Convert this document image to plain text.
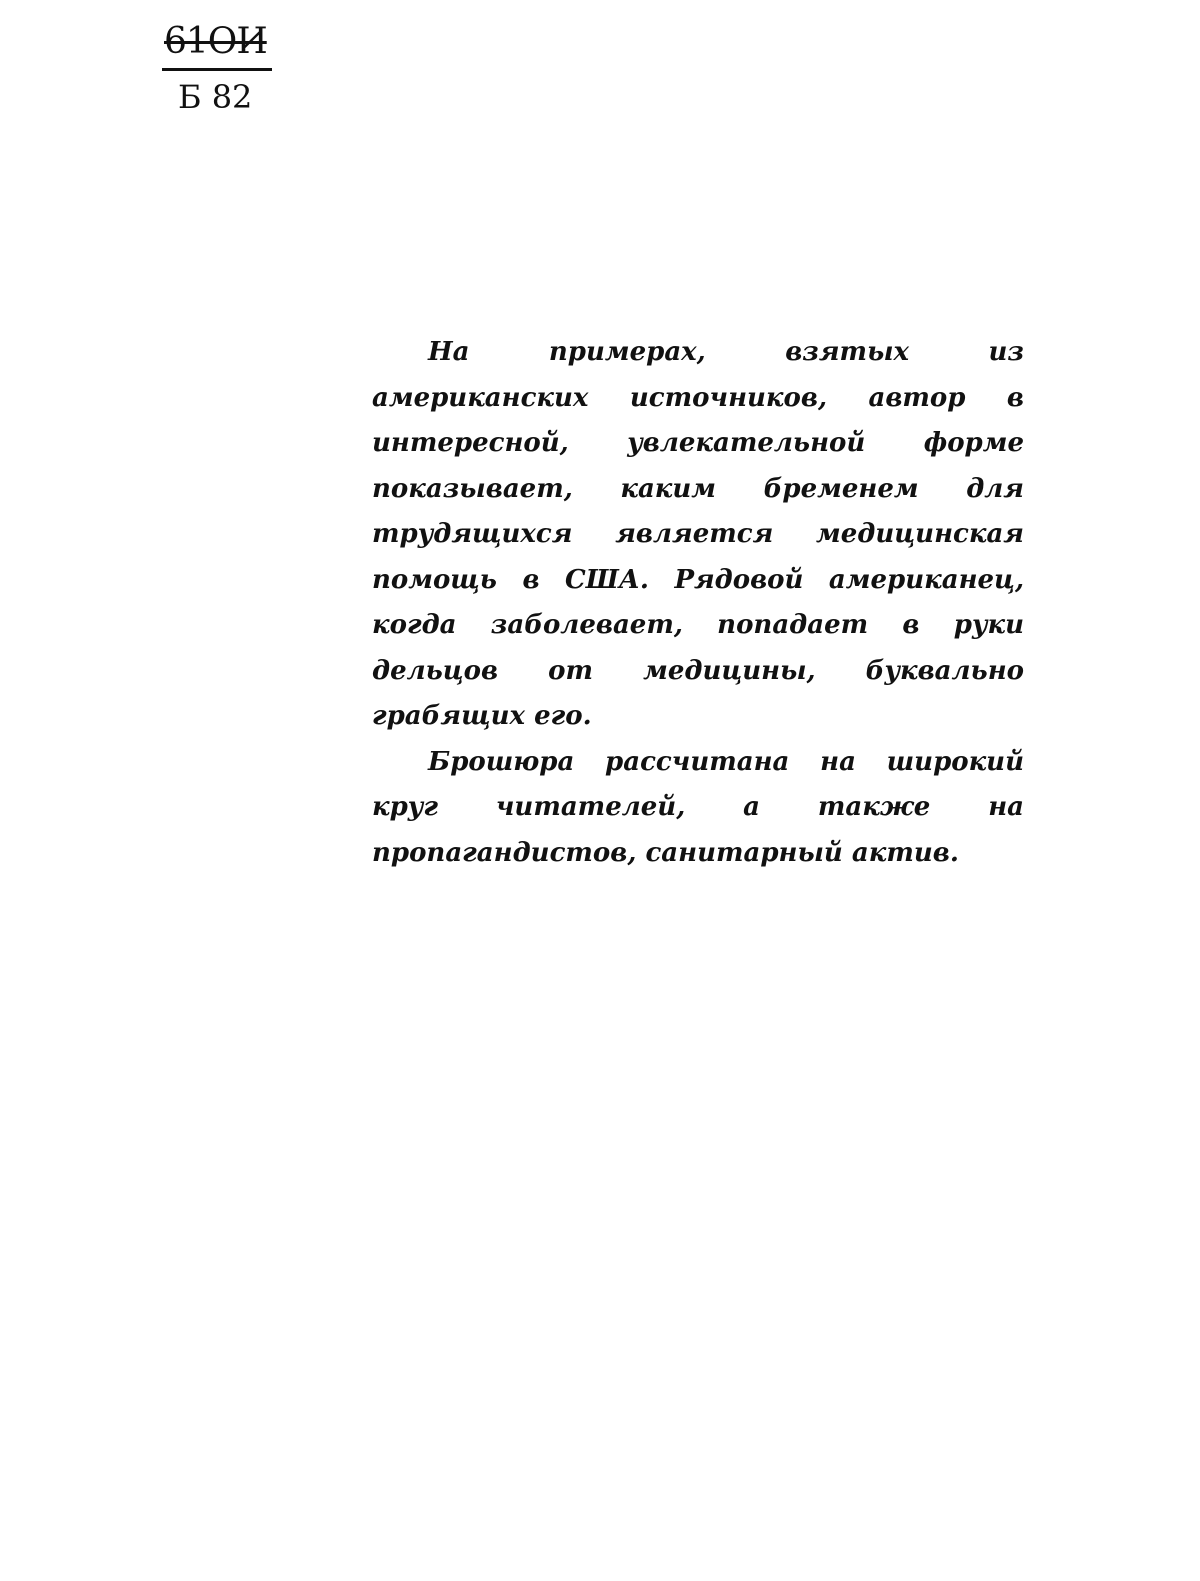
61ОИ
Б 82

На примерах, взятых из американских источников, автор в интересной, увлекательной форме показывает, каким бременем для трудящихся является медицинская помощь в США. Рядовой американец, когда заболевает, попадает в руки дельцов от медицины, буквально грабящих его.

Брошюра рассчитана на широкий круг читателей, а также на пропагандистов, санитарный актив.
